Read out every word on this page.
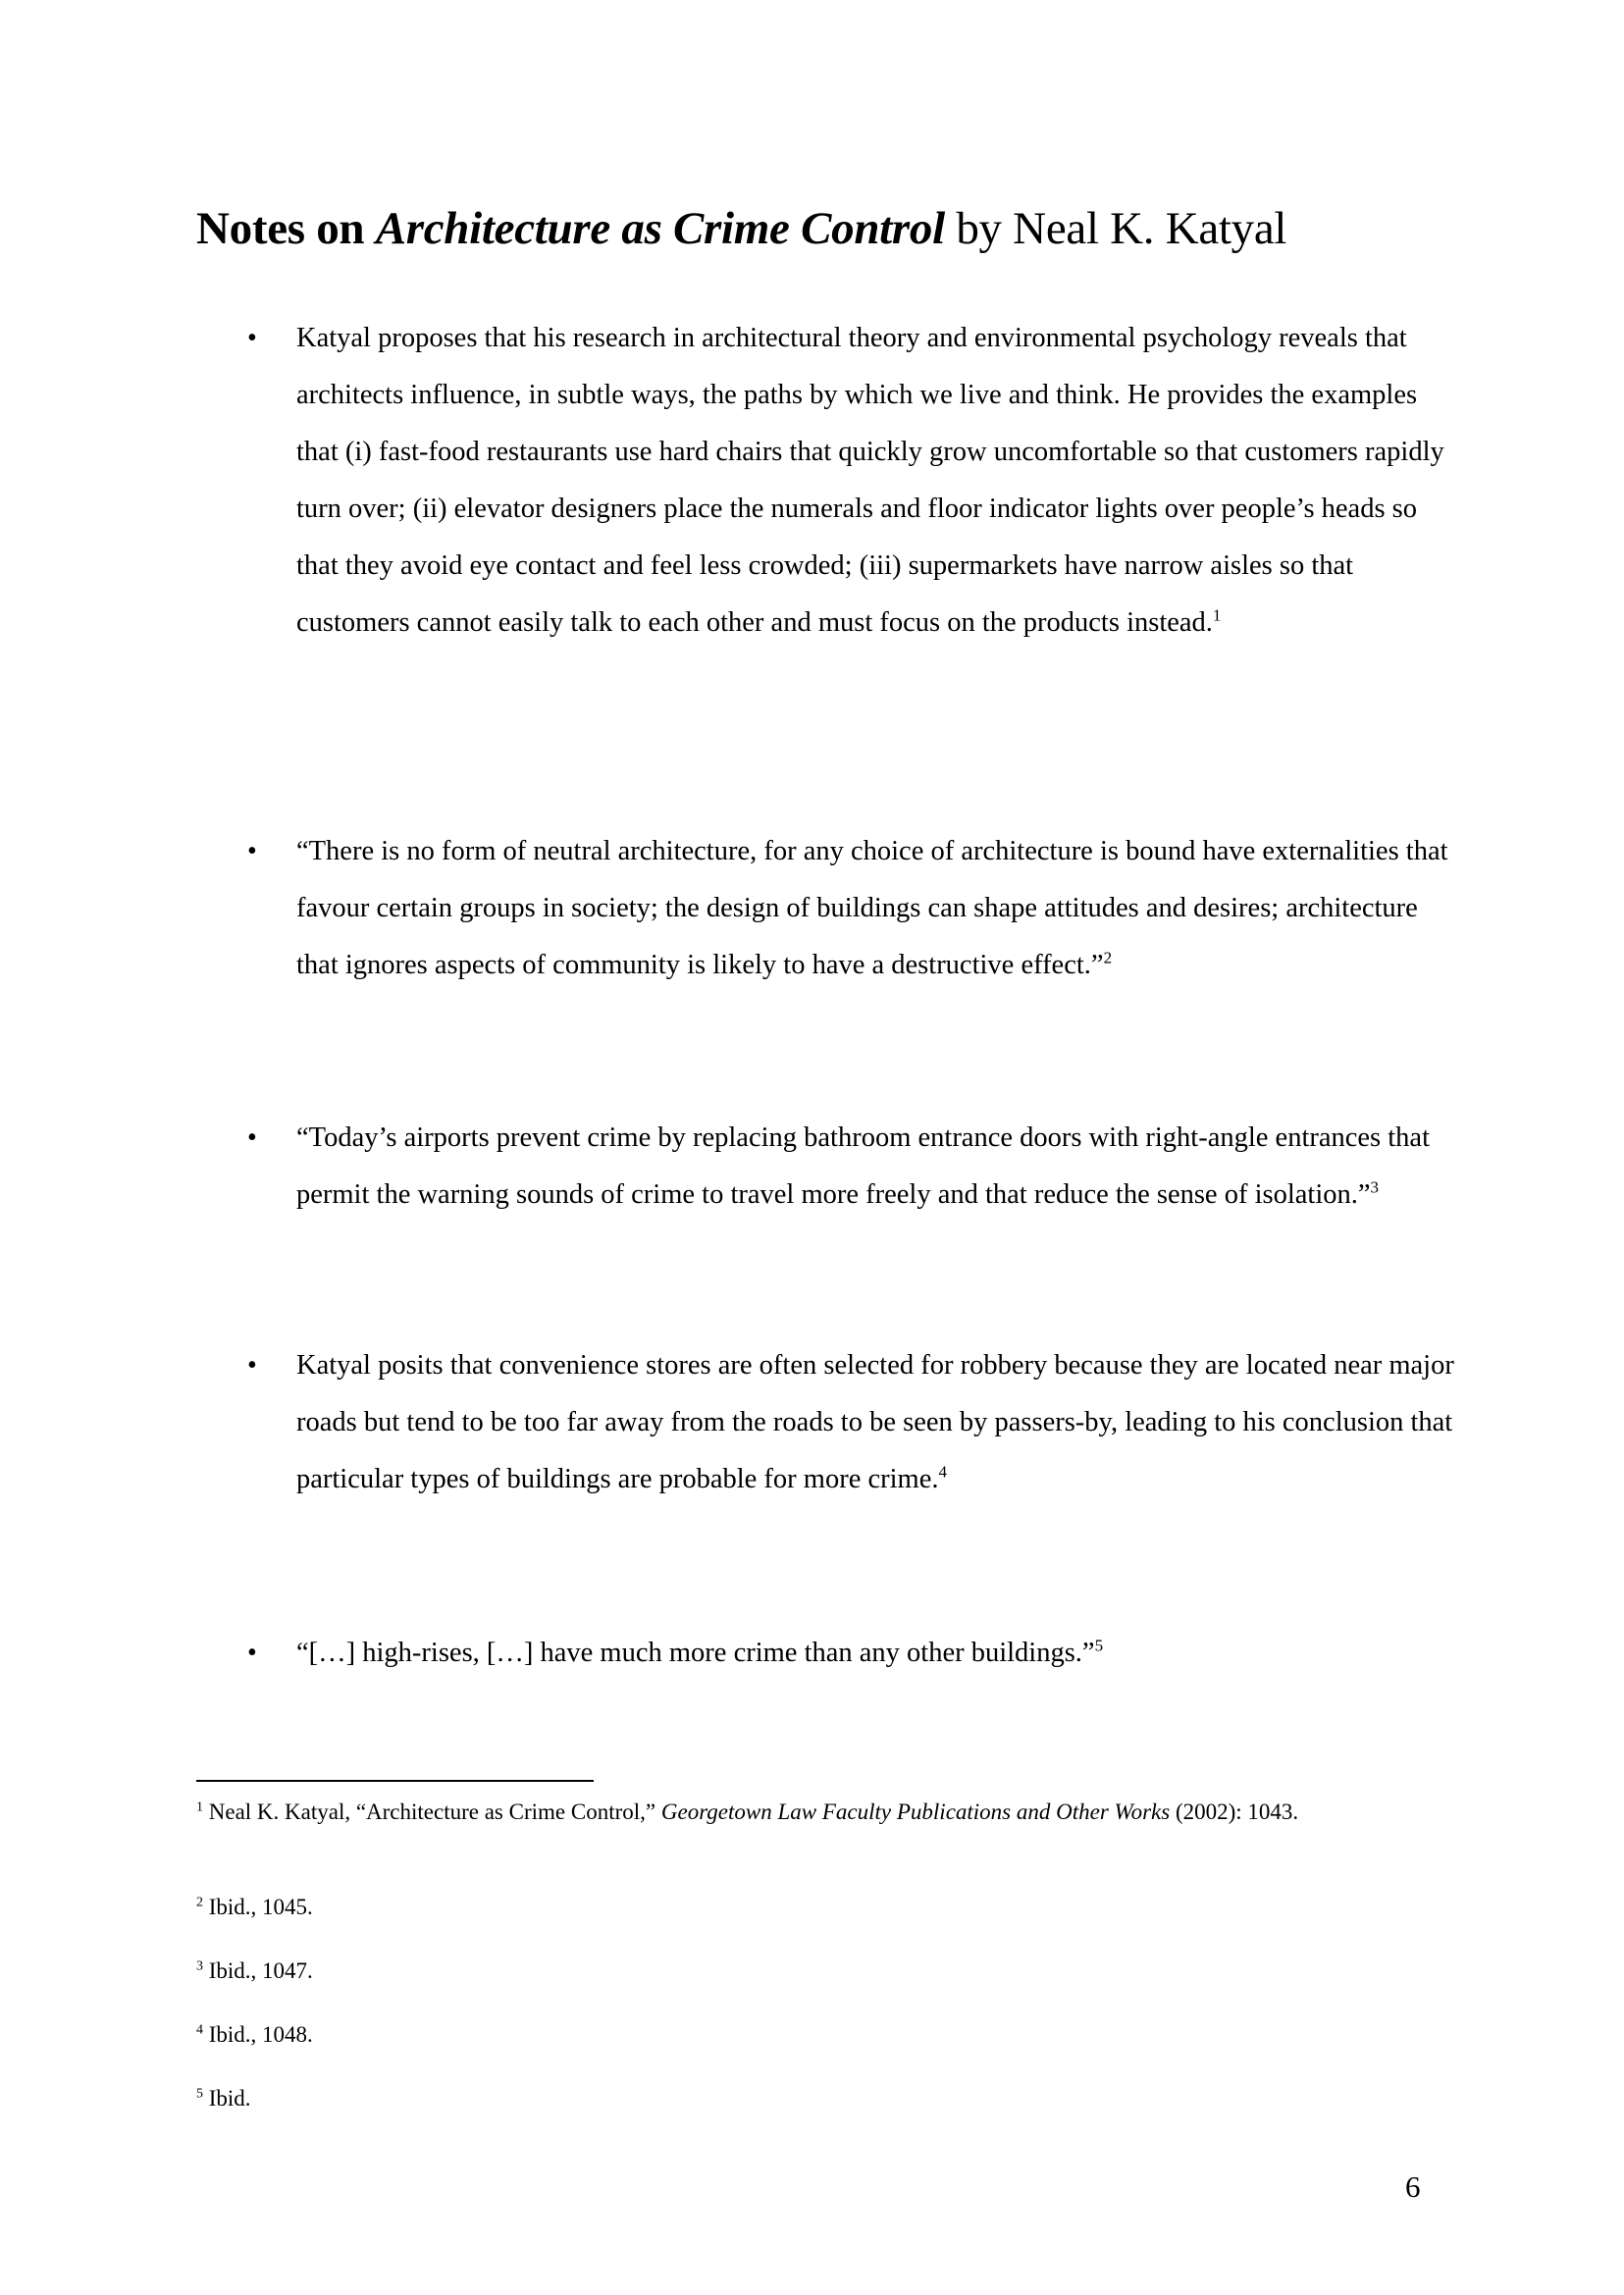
Notes on Architecture as Crime Control by Neal K. Katyal
• Katyal proposes that his research in architectural theory and environmental psychology reveals that architects influence, in subtle ways, the paths by which we live and think. He provides the examples that (i) fast-food restaurants use hard chairs that quickly grow uncomfortable so that customers rapidly turn over; (ii) elevator designers place the numerals and floor indicator lights over people’s heads so that they avoid eye contact and feel less crowded; (iii) supermarkets have narrow aisles so that customers cannot easily talk to each other and must focus on the products instead.$^1$
• “There is no form of neutral architecture, for any choice of architecture is bound have externalities that favour certain groups in society; the design of buildings can shape attitudes and desires; architecture that ignores aspects of community is likely to have a destructive effect.”$^2$
• “Today’s airports prevent crime by replacing bathroom entrance doors with right-angle entrances that permit the warning sounds of crime to travel more freely and that reduce the sense of isolation.”$^3$
• Katyal posits that convenience stores are often selected for robbery because they are located near major roads but tend to be too far away from the roads to be seen by passers-by, leading to his conclusion that particular types of buildings are probable for more crime.$^4$
• “[…] high-rises, […] have much more crime than any other buildings.”$^5$
$^1$ Neal K. Katyal, “Architecture as Crime Control,” Georgetown Law Faculty Publications and Other Works (2002): 1043.
$^2$ Ibid., 1045.
$^3$ Ibid., 1047.
$^4$ Ibid., 1048.
$^5$ Ibid.
6
